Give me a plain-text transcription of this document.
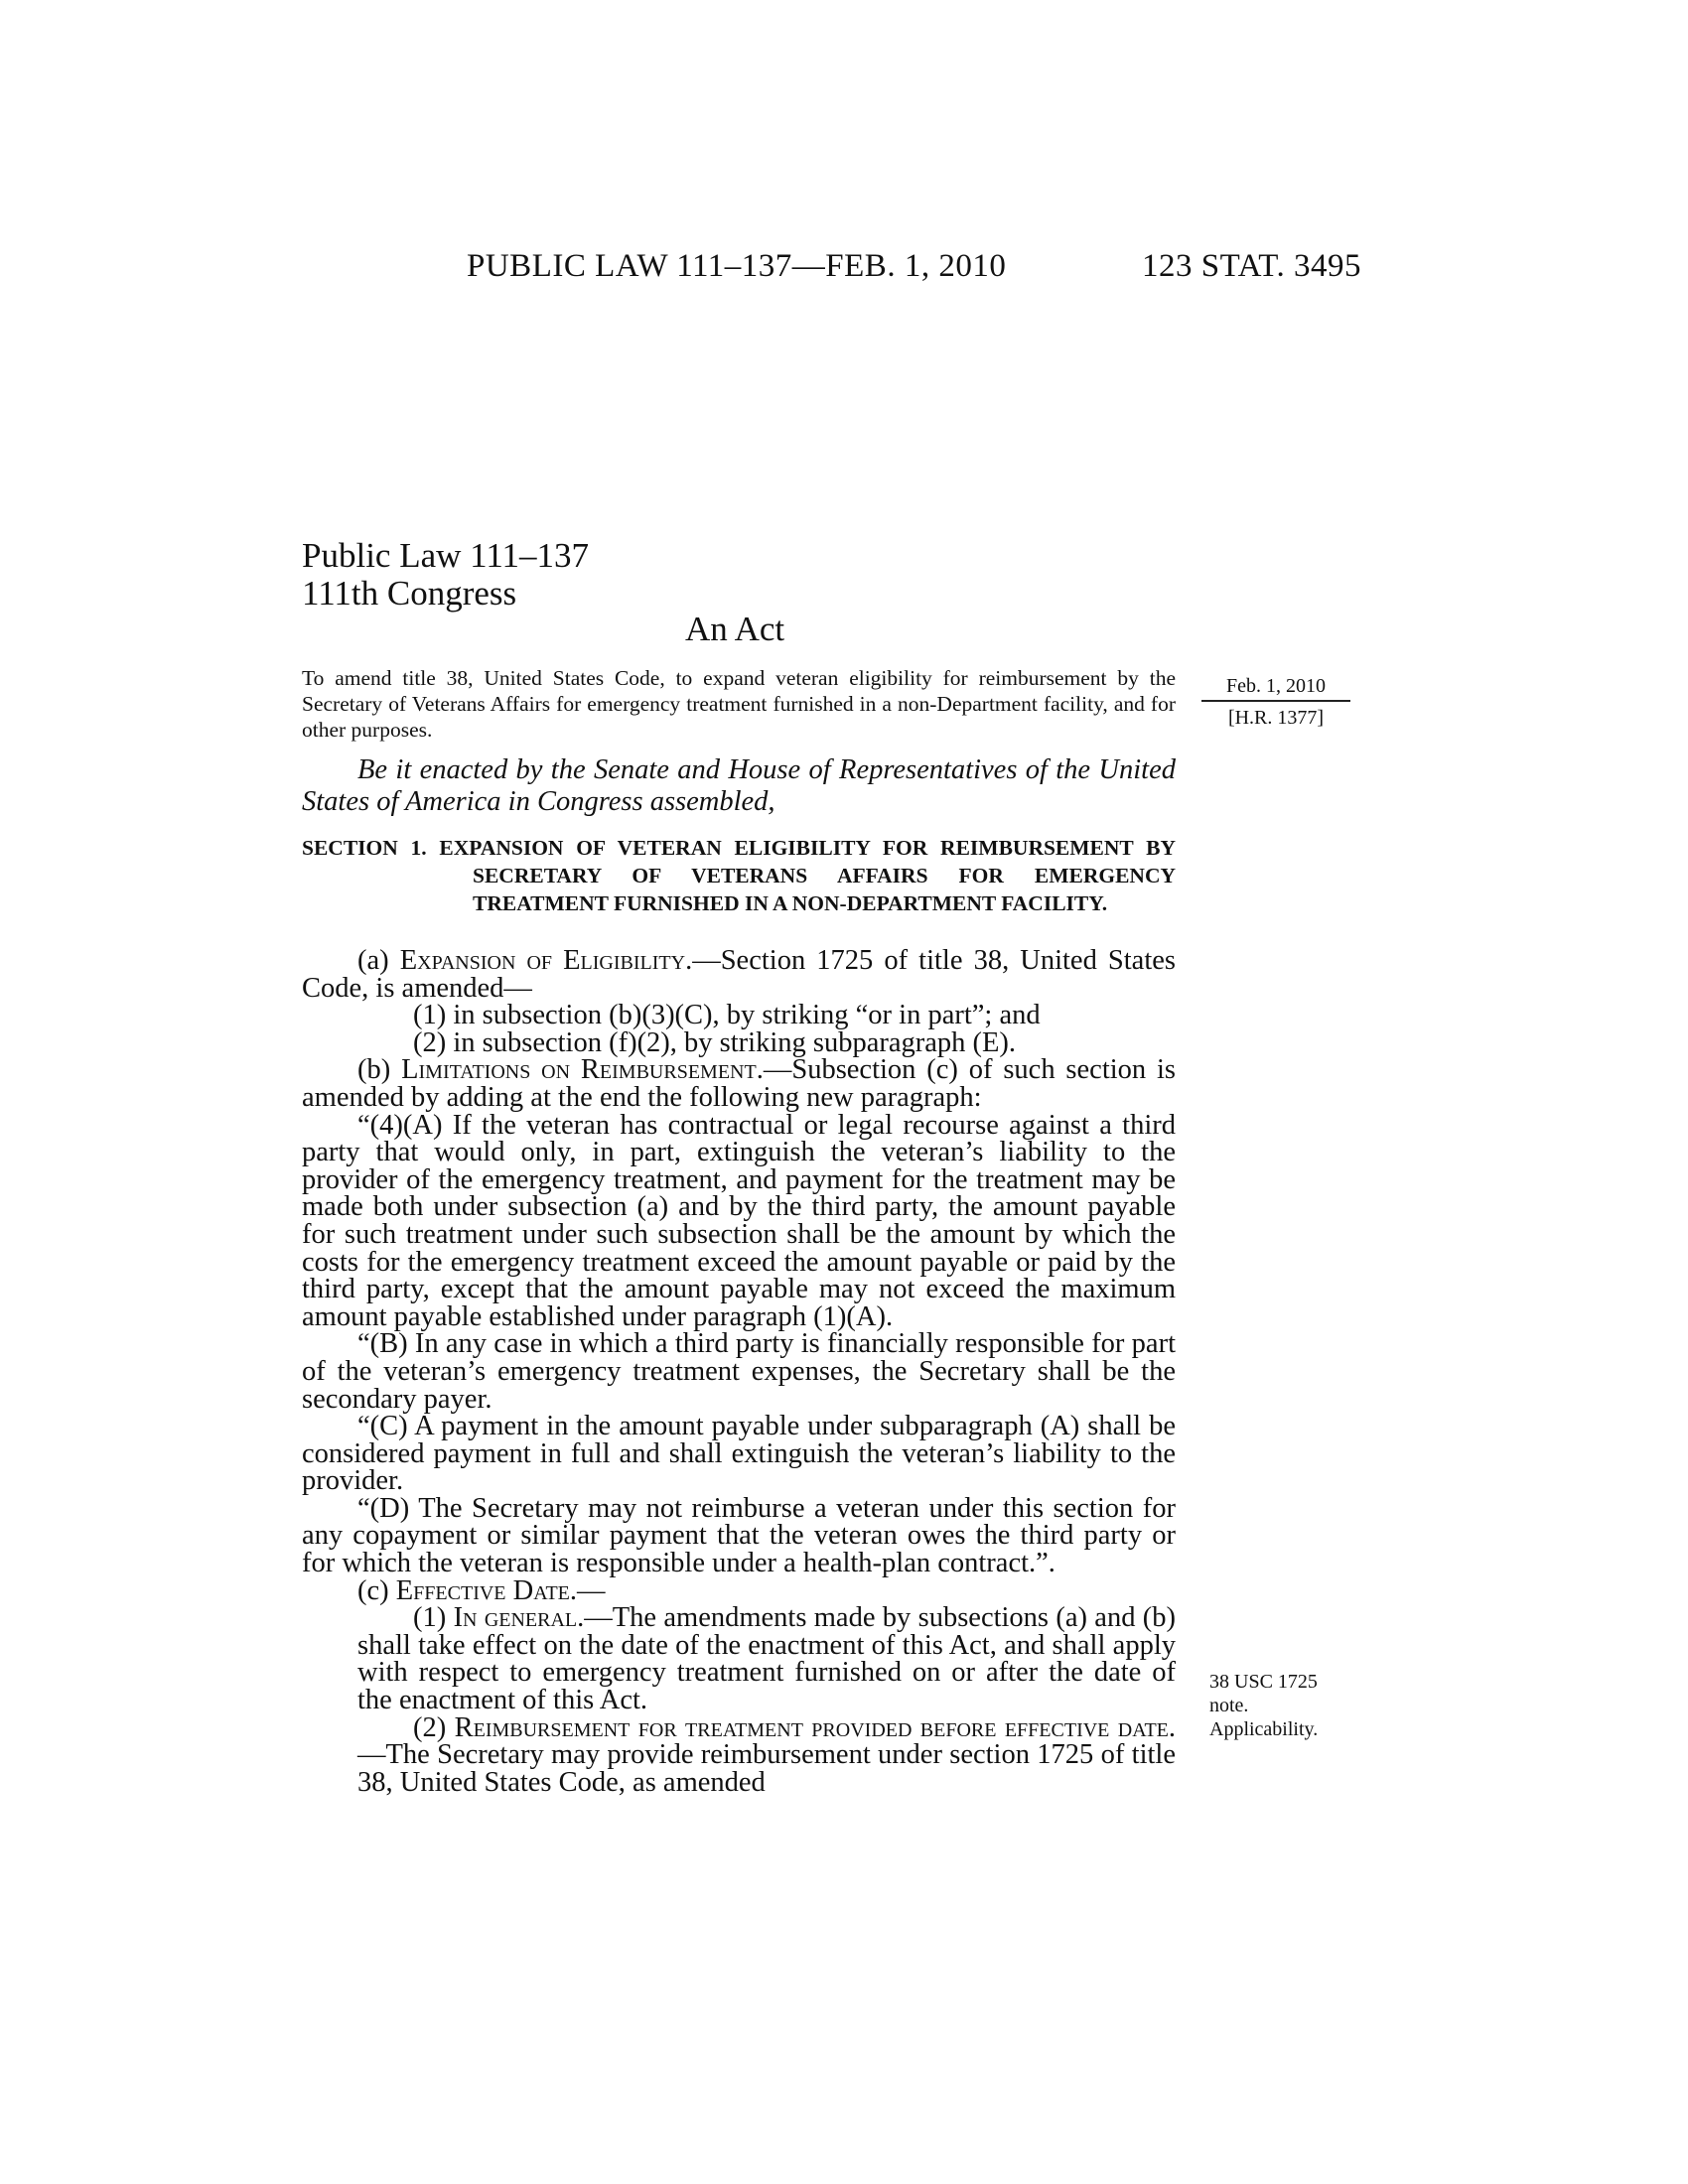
PUBLIC LAW 111–137—FEB. 1, 2010	123 STAT. 3495
Public Law 111–137
111th Congress
An Act
To amend title 38, United States Code, to expand veteran eligibility for reimbursement by the Secretary of Veterans Affairs for emergency treatment furnished in a non-Department facility, and for other purposes.
Feb. 1, 2010
[H.R. 1377]
38 USC 1725
note.
Applicability.
Be it enacted by the Senate and House of Representatives of the United States of America in Congress assembled,
SECTION 1. EXPANSION OF VETERAN ELIGIBILITY FOR REIMBURSEMENT BY SECRETARY OF VETERANS AFFAIRS FOR EMERGENCY TREATMENT FURNISHED IN A NON-DEPARTMENT FACILITY.

(a) Expansion of Eligibility.—Section 1725 of title 38, United States Code, is amended—

(1) in subsection (b)(3)(C), by striking “or in part”; and

(2) in subsection (f)(2), by striking subparagraph (E).

(b) Limitations on Reimbursement.—Subsection (c) of such section is amended by adding at the end the following new paragraph:

“(4)(A) If the veteran has contractual or legal recourse against a third party that would only, in part, extinguish the veteran’s liability to the provider of the emergency treatment, and payment for the treatment may be made both under subsection (a) and by the third party, the amount payable for such treatment under such subsection shall be the amount by which the costs for the emergency treatment exceed the amount payable or paid by the third party, except that the amount payable may not exceed the maximum amount payable established under paragraph (1)(A).

“(B) In any case in which a third party is financially responsible for part of the veteran’s emergency treatment expenses, the Secretary shall be the secondary payer.

“(C) A payment in the amount payable under subparagraph (A) shall be considered payment in full and shall extinguish the veteran’s liability to the provider.

“(D) The Secretary may not reimburse a veteran under this section for any copayment or similar payment that the veteran owes the third party or for which the veteran is responsible under a health-plan contract.”.

(c) Effective Date.—

(1) In general.—The amendments made by subsections (a) and (b) shall take effect on the date of the enactment of this Act, and shall apply with respect to emergency treatment furnished on or after the date of the enactment of this Act.

(2) Reimbursement for treatment provided before effective date.—The Secretary may provide reimbursement under section 1725 of title 38, United States Code, as amended
